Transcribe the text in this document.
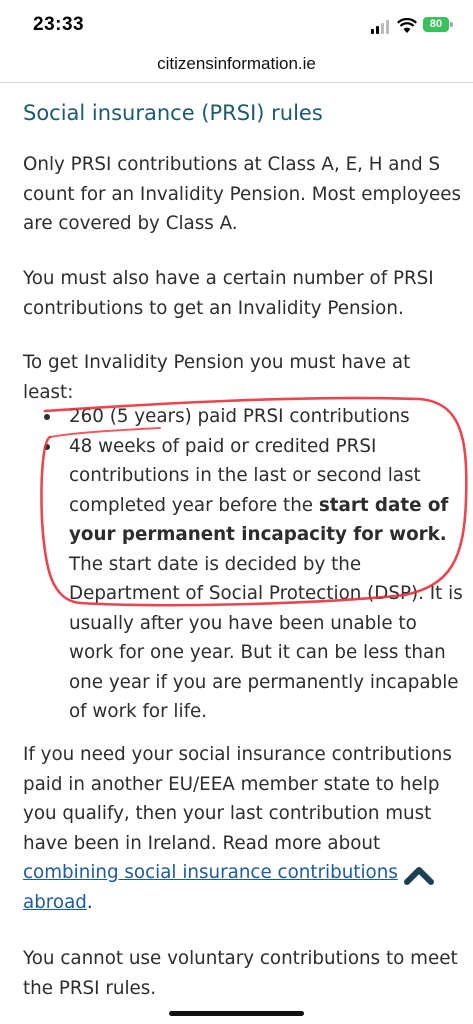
23:33	80
citizensinformation.ie
Social insurance (PRSI) rules

Only PRSI contributions at Class A, E, H and S count for an Invalidity Pension. Most employees are covered by Class A.

You must also have a certain number of PRSI contributions to get an Invalidity Pension.

To get Invalidity Pension you must have at least:

260 (5 years) paid PRSI contributions
48 weeks of paid or credited PRSI contributions in the last or second last completed year before the start date of your permanent incapacity for work. The start date is decided by the Department of Social Protection (DSP). It is usually after you have been unable to work for one year. But it can be less than one year if you are permanently incapable of work for life.

If you need your social insurance contributions paid in another EU/EEA member state to help you qualify, then your last contribution must have been in Ireland. Read more about combining social insurance contributions abroad.

You cannot use voluntary contributions to meet the PRSI rules.
